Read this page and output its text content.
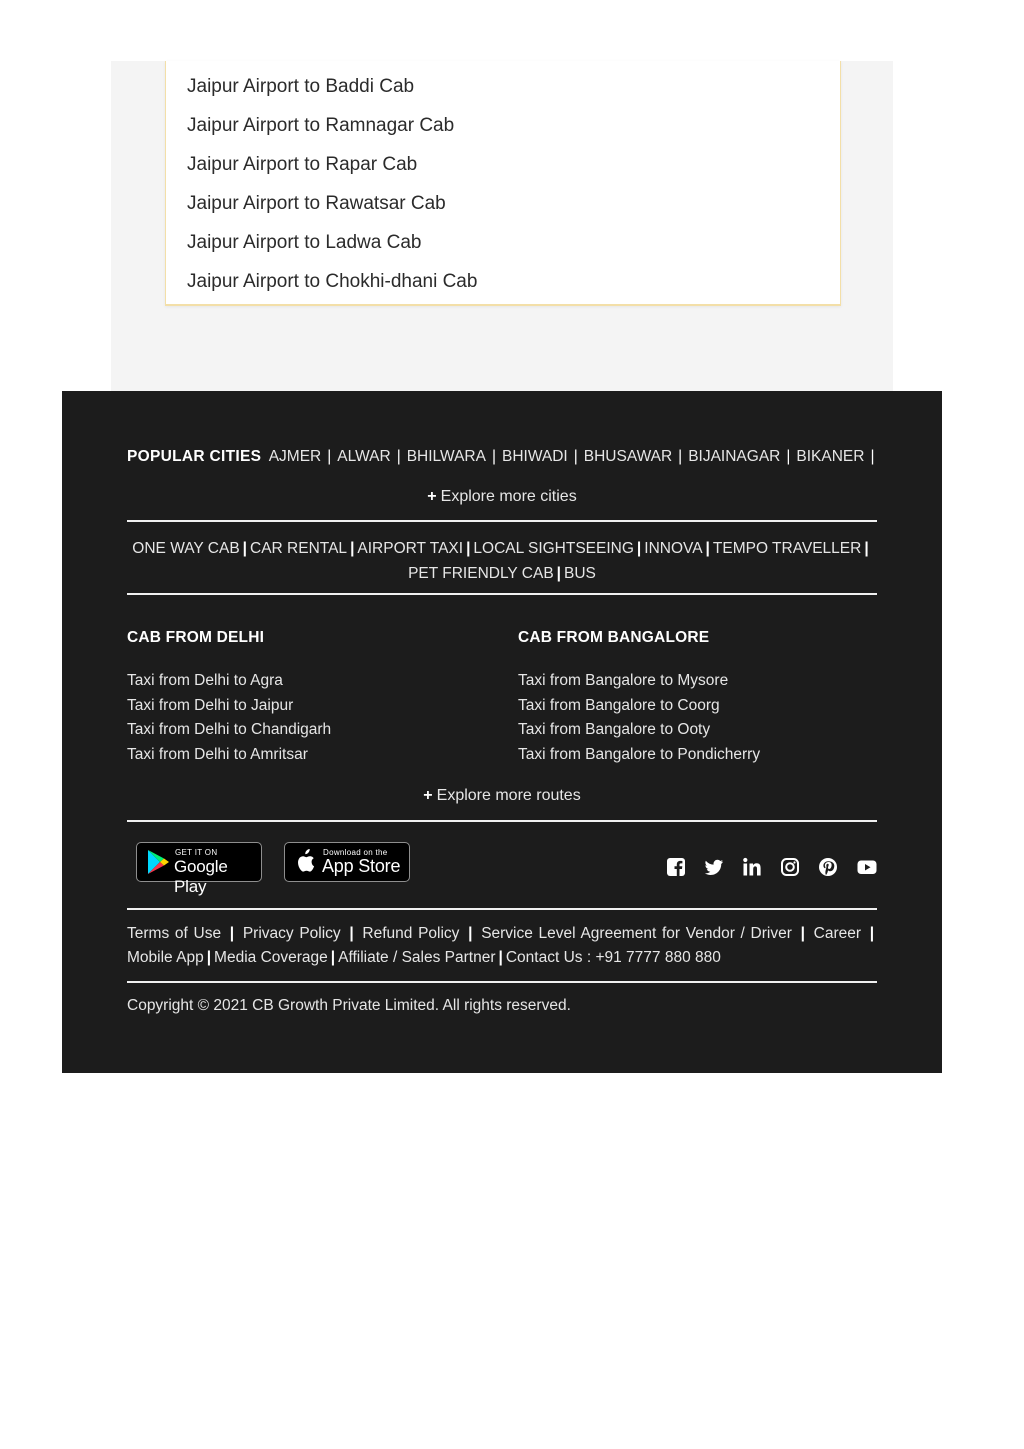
Jaipur Airport to Baddi Cab
Jaipur Airport to Ramnagar Cab
Jaipur Airport to Rapar Cab
Jaipur Airport to Rawatsar Cab
Jaipur Airport to Ladwa Cab
Jaipur Airport to Chokhi-dhani Cab
POPULAR CITIES AJMER | ALWAR | BHILWARA | BHIWADI | BHUSAWAR | BIJAINAGAR | BIKANER |
+ Explore more cities
ONE WAY CAB | CAR RENTAL | AIRPORT TAXI | LOCAL SIGHTSEEING | INNOVA | TEMPO TRAVELLER |
PET FRIENDLY CAB | BUS
CAB FROM DELHI
Taxi from Delhi to Agra
Taxi from Delhi to Jaipur
Taxi from Delhi to Chandigarh
Taxi from Delhi to Amritsar
CAB FROM BANGALORE
Taxi from Bangalore to Mysore
Taxi from Bangalore to Coorg
Taxi from Bangalore to Ooty
Taxi from Bangalore to Pondicherry
+ Explore more routes
GET IT ON
Google Play
Download on the
App Store
Terms of Use | Privacy Policy | Refund Policy | Service Level Agreement for Vendor / Driver | Career | Mobile App | Media Coverage | Affiliate / Sales Partner | Contact Us : +91 7777 880 880
Copyright © 2021 CB Growth Private Limited. All rights reserved.
